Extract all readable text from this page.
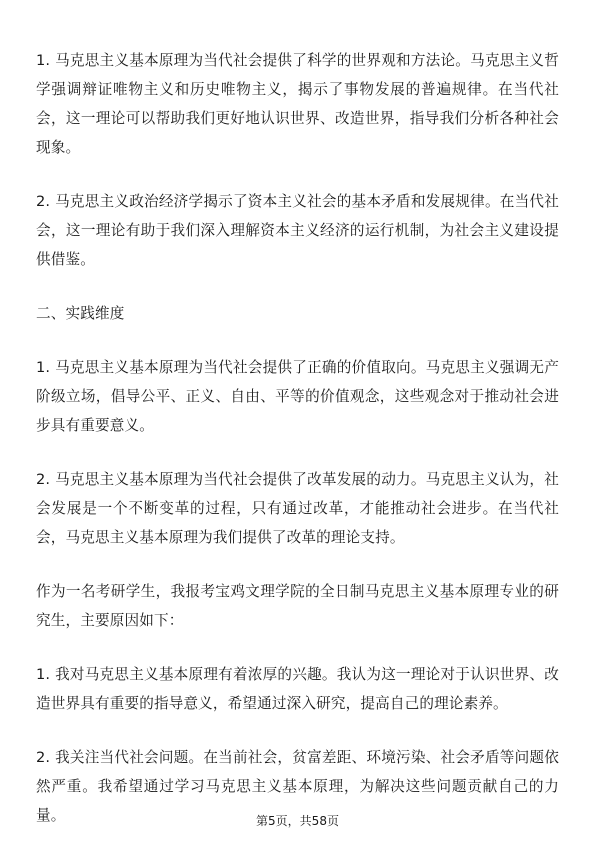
1. 马克思主义基本原理为当代社会提供了科学的世界观和方法论。马克思主义哲学强调辩证唯物主义和历史唯物主义，揭示了事物发展的普遍规律。在当代社会，这一理论可以帮助我们更好地认识世界、改造世界，指导我们分析各种社会现象。

2. 马克思主义政治经济学揭示了资本主义社会的基本矛盾和发展规律。在当代社会，这一理论有助于我们深入理解资本主义经济的运行机制，为社会主义建设提供借鉴。

二、实践维度

1. 马克思主义基本原理为当代社会提供了正确的价值取向。马克思主义强调无产阶级立场，倡导公平、正义、自由、平等的价值观念，这些观念对于推动社会进步具有重要意义。

2. 马克思主义基本原理为当代社会提供了改革发展的动力。马克思主义认为，社会发展是一个不断变革的过程，只有通过改革，才能推动社会进步。在当代社会，马克思主义基本原理为我们提供了改革的理论支持。

作为一名考研学生，我报考宝鸡文理学院的全日制马克思主义基本原理专业的研究生，主要原因如下：

1. 我对马克思主义基本原理有着浓厚的兴趣。我认为这一理论对于认识世界、改造世界具有重要的指导意义，希望通过深入研究，提高自己的理论素养。

2. 我关注当代社会问题。在当前社会，贫富差距、环境污染、社会矛盾等问题依然严重。我希望通过学习马克思主义基本原理，为解决这些问题贡献自己的力量。	第5页，共58页
